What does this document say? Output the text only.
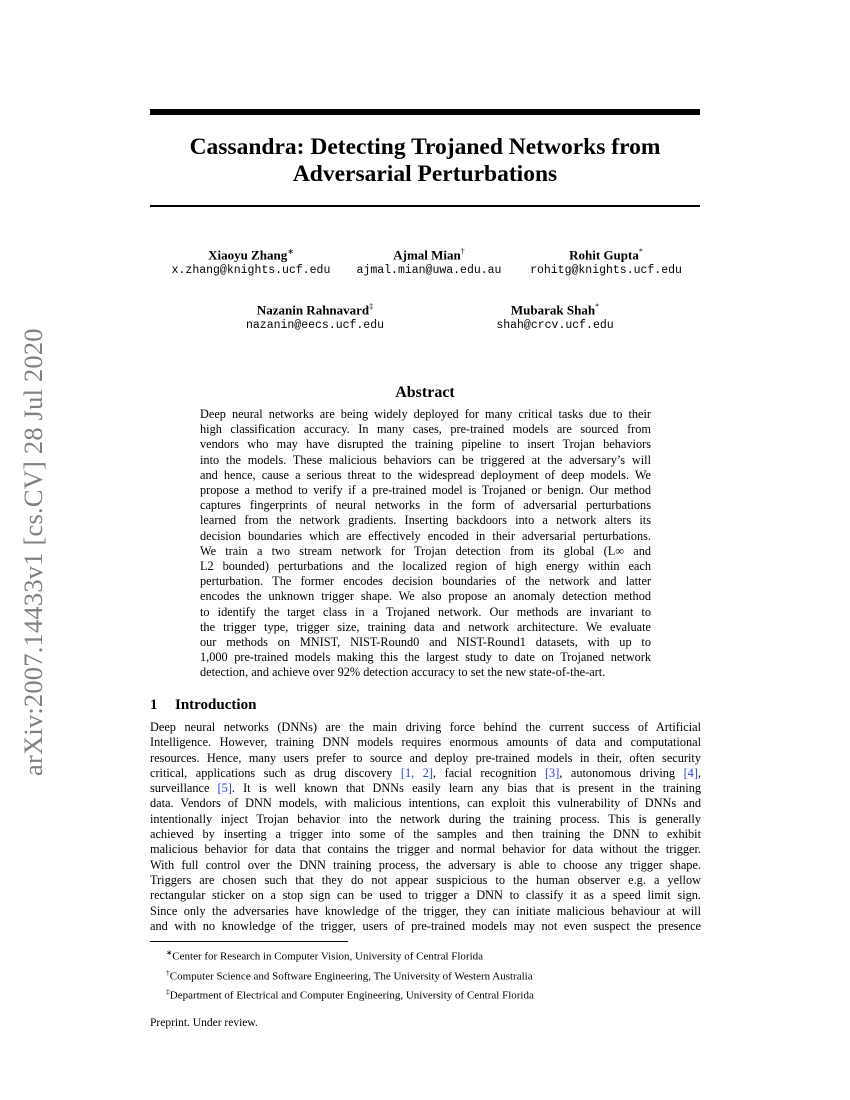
arXiv:2007.14433v1 [cs.CV] 28 Jul 2020
Cassandra: Detecting Trojaned Networks from
Adversarial Perturbations
Xiaoyu Zhang∗
x.zhang@knights.ucf.edu
Ajmal Mian†
ajmal.mian@uwa.edu.au
Rohit Gupta*
rohitg@knights.ucf.edu
Nazanin Rahnavard‡
nazanin@eecs.ucf.edu
Mubarak Shah*
shah@crcv.ucf.edu
Abstract
Deep neural networks are being widely deployed for many critical tasks due to their
high classification accuracy. In many cases, pre-trained models are sourced from
vendors who may have disrupted the training pipeline to insert Trojan behaviors
into the models. These malicious behaviors can be triggered at the adversary’s will
and hence, cause a serious threat to the widespread deployment of deep models. We
propose a method to verify if a pre-trained model is Trojaned or benign. Our method
captures fingerprints of neural networks in the form of adversarial perturbations
learned from the network gradients. Inserting backdoors into a network alters its
decision boundaries which are effectively encoded in their adversarial perturbations.
We train a two stream network for Trojan detection from its global (L∞ and
L2 bounded) perturbations and the localized region of high energy within each
perturbation. The former encodes decision boundaries of the network and latter
encodes the unknown trigger shape. We also propose an anomaly detection method
to identify the target class in a Trojaned network. Our methods are invariant to
the trigger type, trigger size, training data and network architecture. We evaluate
our methods on MNIST, NIST-Round0 and NIST-Round1 datasets, with up to
1,000 pre-trained models making this the largest study to date on Trojaned network
detection, and achieve over 92% detection accuracy to set the new state-of-the-art.
1 Introduction
Deep neural networks (DNNs) are the main driving force behind the current success of Artificial
Intelligence. However, training DNN models requires enormous amounts of data and computational
resources. Hence, many users prefer to source and deploy pre-trained models in their, often security
critical, applications such as drug discovery [1, 2], facial recognition [3], autonomous driving [4],
surveillance [5]. It is well known that DNNs easily learn any bias that is present in the training
data. Vendors of DNN models, with malicious intentions, can exploit this vulnerability of DNNs and
intentionally inject Trojan behavior into the network during the training process. This is generally
achieved by inserting a trigger into some of the samples and then training the DNN to exhibit
malicious behavior for data that contains the trigger and normal behavior for data without the trigger.
With full control over the DNN training process, the adversary is able to choose any trigger shape.
Triggers are chosen such that they do not appear suspicious to the human observer e.g. a yellow
rectangular sticker on a stop sign can be used to trigger a DNN to classify it as a speed limit sign.
Since only the adversaries have knowledge of the trigger, they can initiate malicious behaviour at will
and with no knowledge of the trigger, users of pre-trained models may not even suspect the presence
∗Center for Research in Computer Vision, University of Central Florida
†Computer Science and Software Engineering, The University of Western Australia
‡Department of Electrical and Computer Engineering, University of Central Florida
Preprint. Under review.
